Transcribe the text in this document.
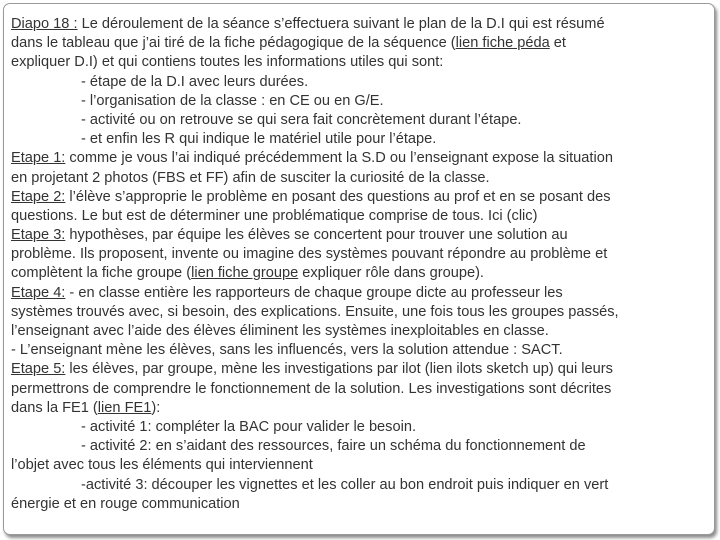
Diapo 18 : Le déroulement de la séance s’effectuera suivant le plan de la D.I qui est résumé
dans le tableau que j’ai tiré de la fiche pédagogique de la séquence (lien fiche péda et
expliquer D.I) et qui contiens toutes les informations utiles qui sont:
- étape de la D.I avec leurs durées.
- l’organisation de la classe : en CE ou en G/E.
- activité ou on retrouve se qui sera fait concrètement durant l’étape.
- et enfin les R qui indique le matériel utile pour l’étape.
Etape 1: comme je vous l’ai indiqué précédemment la S.D ou l’enseignant expose la situation
en projetant 2 photos (FBS et FF) afin de susciter la curiosité de la classe.
Etape 2: l’élève s’approprie le problème en posant des questions au prof et en se posant des
questions. Le but est de déterminer une problématique comprise de tous. Ici (clic)
Etape 3: hypothèses, par équipe les élèves se concertent pour trouver une solution au
problème. Ils proposent, invente ou imagine des systèmes pouvant répondre au problème et
complètent la fiche groupe (lien fiche groupe expliquer rôle dans groupe).
Etape 4: - en classe entière les rapporteurs de chaque groupe dicte au professeur les
systèmes trouvés avec, si besoin, des explications. Ensuite, une fois tous les groupes passés,
l’enseignant avec l’aide des élèves éliminent les systèmes inexploitables en classe.
- L’enseignant mène les élèves, sans les influencés, vers la solution attendue : SACT.
Etape 5: les élèves, par groupe, mène les investigations par ilot (lien ilots sketch up) qui leurs
permettrons de comprendre le fonctionnement de la solution. Les investigations sont décrites
dans la FE1 (lien FE1):
- activité 1: compléter la BAC pour valider le besoin.
- activité 2: en s’aidant des ressources, faire un schéma du fonctionnement de
l’objet avec tous les éléments qui interviennent
-activité 3: découper les vignettes et les coller au bon endroit puis indiquer en vert
énergie et en rouge communication
